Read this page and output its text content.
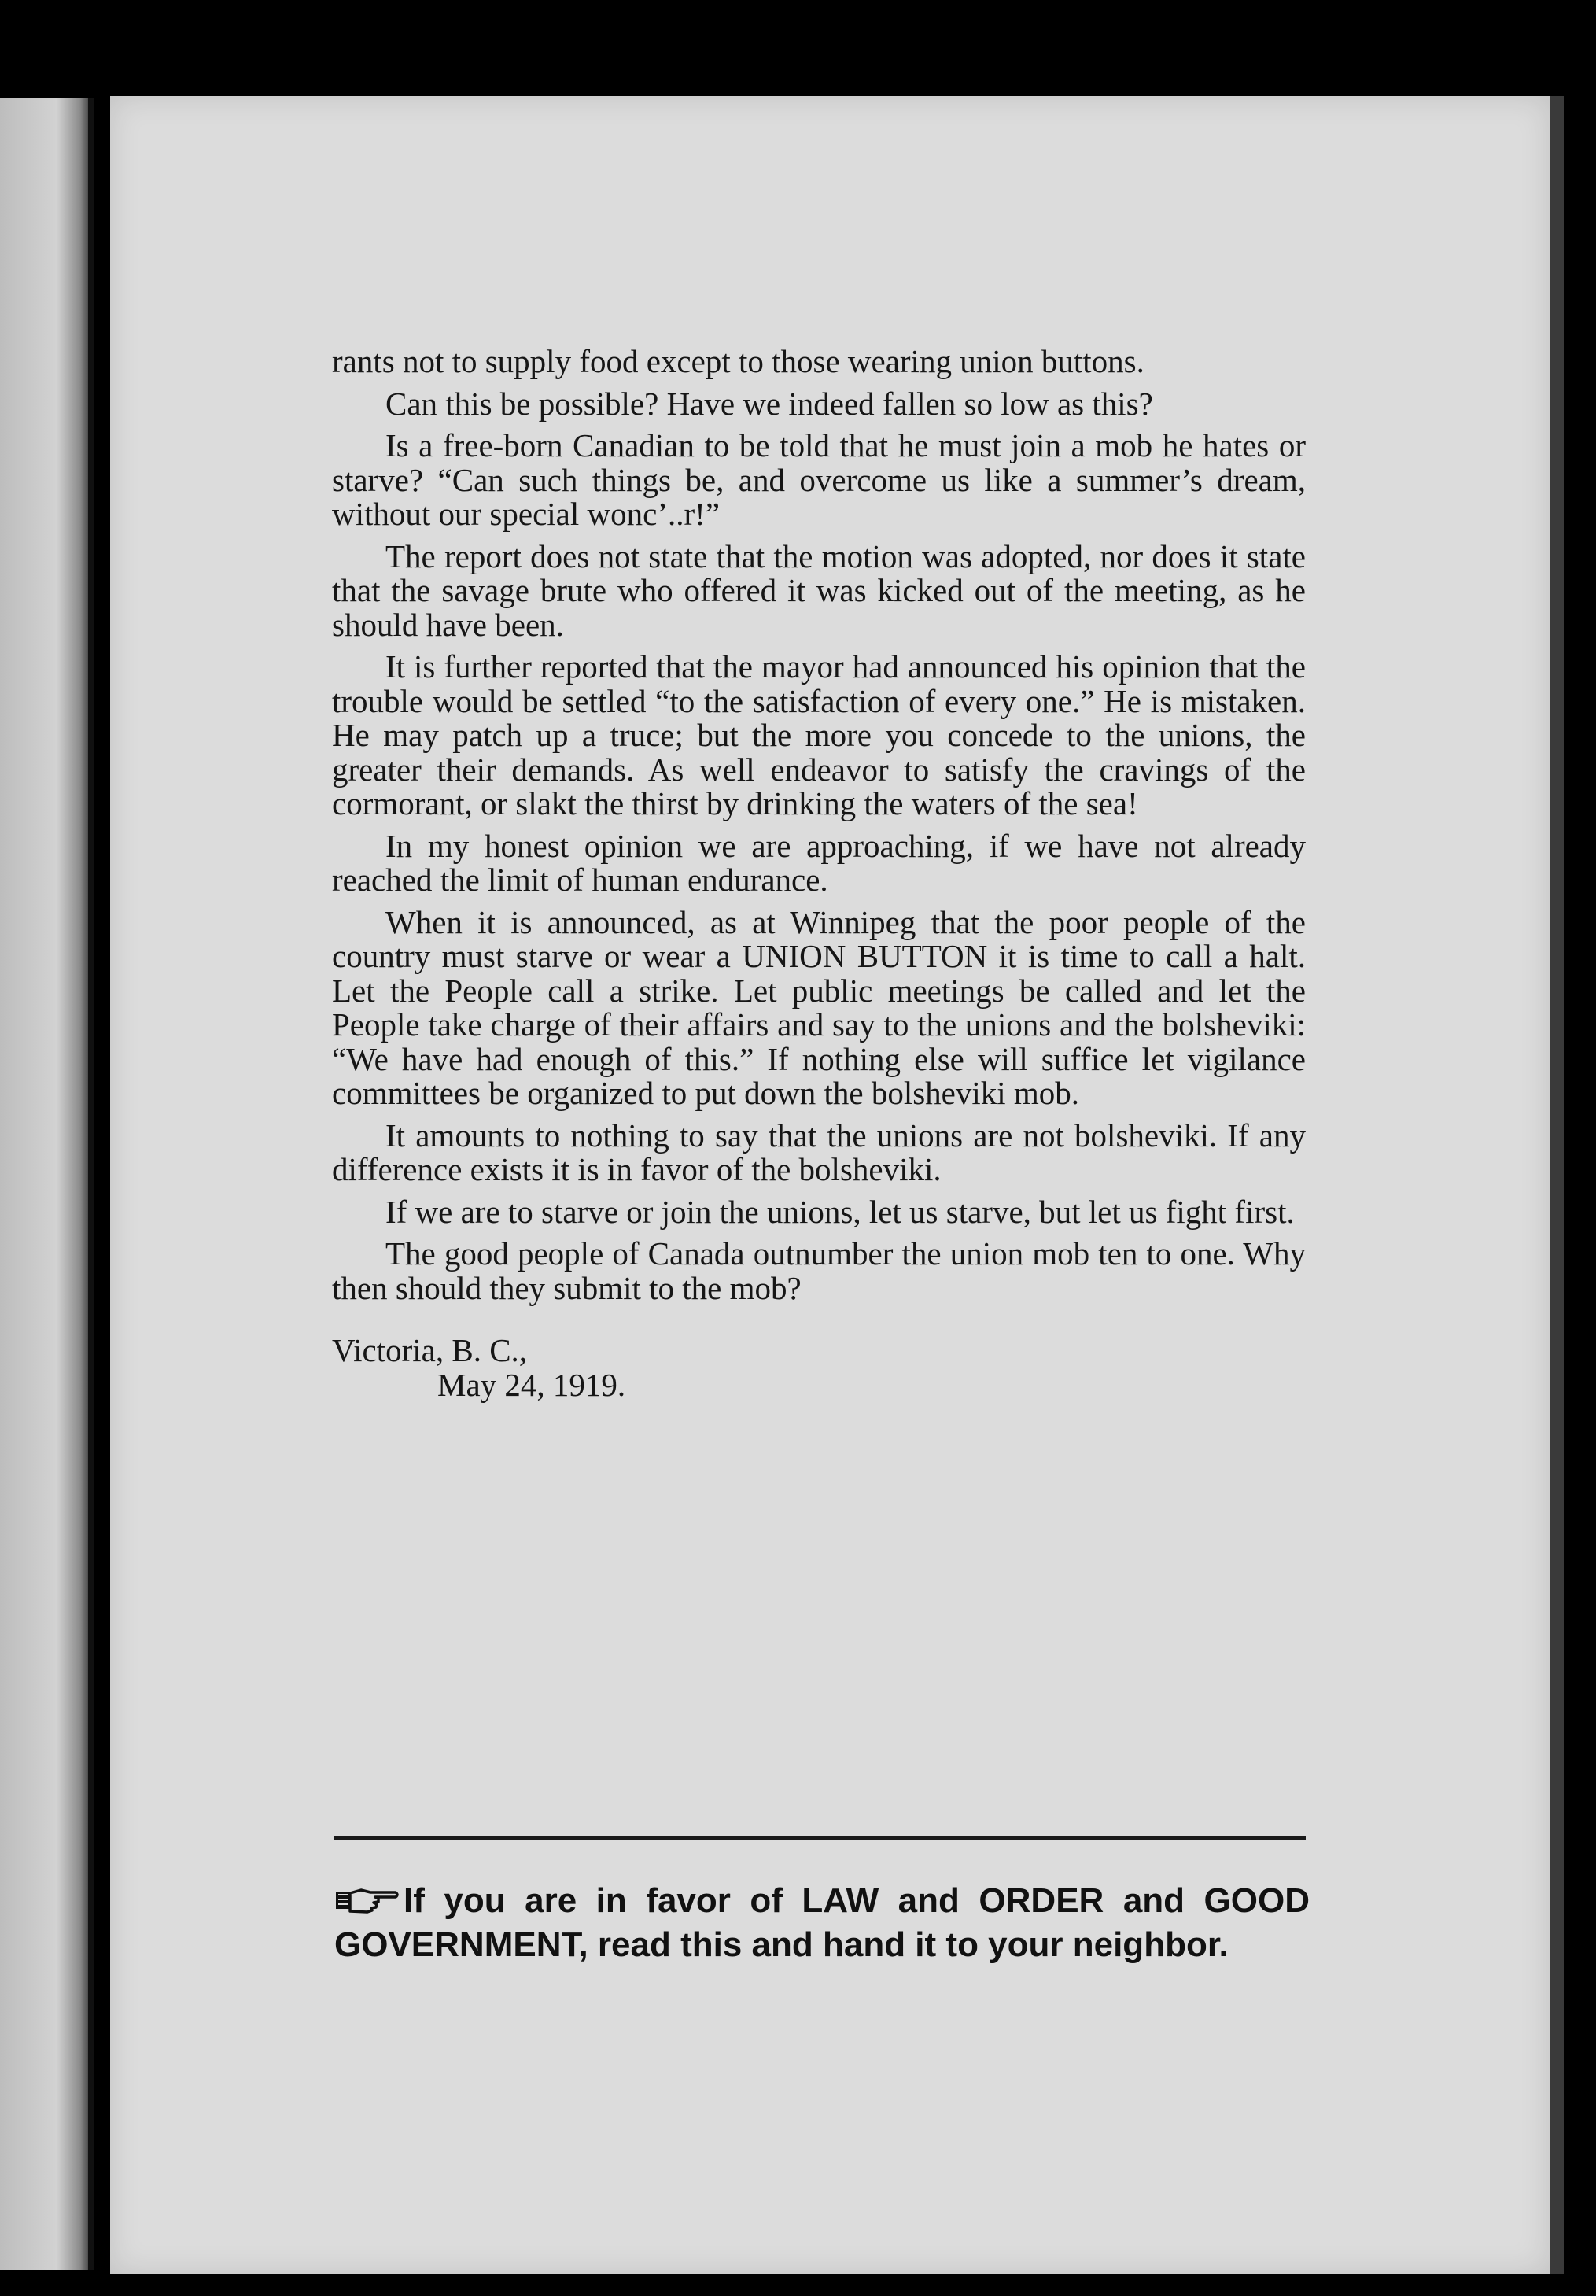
rants not to supply food except to those wearing union buttons.

Can this be possible? Have we indeed fallen so low as this?

Is a free-born Canadian to be told that he must join a mob he hates or starve? “Can such things be, and overcome us like a summer’s dream, without our special wonc’..r!”

The report does not state that the motion was adopted, nor does it state that the savage brute who offered it was kicked out of the meeting, as he should have been.

It is further reported that the mayor had announced his opinion that the trouble would be settled “to the satisfaction of every one.” He is mistaken. He may patch up a truce; but the more you concede to the unions, the greater their demands. As well endeavor to satisfy the cravings of the cormorant, or slakt the thirst by drinking the waters of the sea!

In my honest opinion we are approaching, if we have not already reached the limit of human endurance.

When it is announced, as at Winnipeg that the poor people of the country must starve or wear a UNION BUTTON it is time to call a halt. Let the People call a strike. Let public meetings be called and let the People take charge of their affairs and say to the unions and the bolsheviki: “We have had enough of this.” If nothing else will suffice let vigilance committees be organized to put down the bolsheviki mob.

It amounts to nothing to say that the unions are not bolsheviki. If any difference exists it is in favor of the bolsheviki.

If we are to starve or join the unions, let us starve, but let us fight first.

The good people of Canada outnumber the union mob ten to one. Why then should they submit to the mob?

Victoria, B. C.,
May 24, 1919.
If you are in favor of LAW and ORDER and GOOD GOVERNMENT, read this and hand it to your neighbor.
